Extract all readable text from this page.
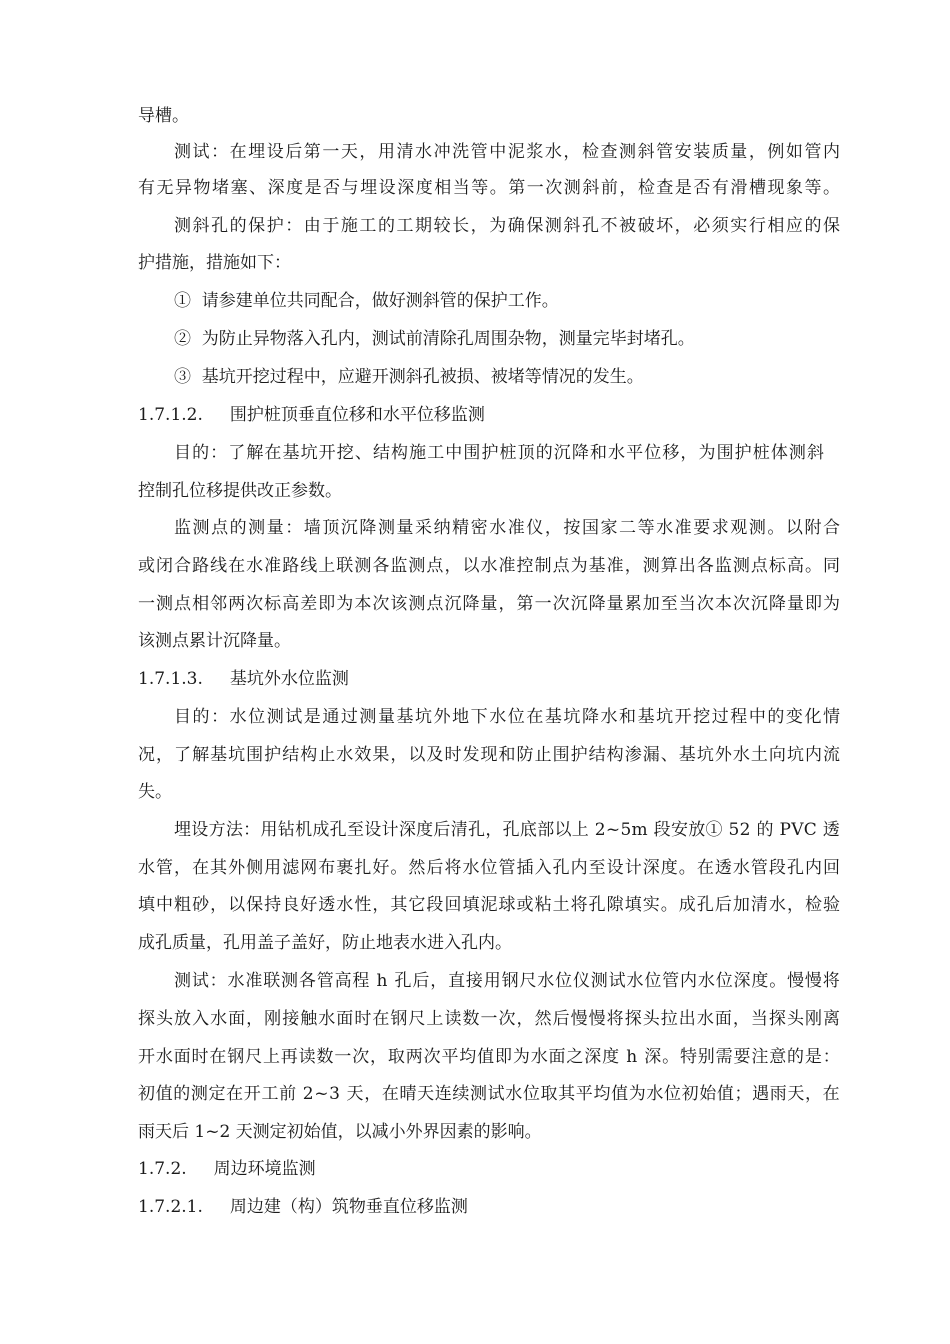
导槽。
测试：在埋设后第一天，用清水冲洗管中泥浆水，检查测斜管安装质量，例如管内
有无异物堵塞、深度是否与埋设深度相当等。第一次测斜前，检查是否有滑槽现象等。
测斜孔的保护：由于施工的工期较长，为确保测斜孔不被破坏，必须实行相应的保
护措施，措施如下：
①  请参建单位共同配合，做好测斜管的保护工作。
②  为防止异物落入孔内，测试前清除孔周围杂物，测量完毕封堵孔。
③  基坑开挖过程中，应避开测斜孔被损、被堵等情况的发生。
1.7.1.2.     围护桩顶垂直位移和水平位移监测
目的：了解在基坑开挖、结构施工中围护桩顶的沉降和水平位移，为围护桩体测斜
控制孔位移提供改正参数。
监测点的测量：墙顶沉降测量采纳精密水准仪，按国家二等水准要求观测。以附合
或闭合路线在水准路线上联测各监测点，以水准控制点为基准，测算出各监测点标高。同
一测点相邻两次标高差即为本次该测点沉降量，第一次沉降量累加至当次本次沉降量即为
该测点累计沉降量。
1.7.1.3.     基坑外水位监测
目的：水位测试是通过测量基坑外地下水位在基坑降水和基坑开挖过程中的变化情
况，了解基坑围护结构止水效果，以及时发现和防止围护结构渗漏、基坑外水土向坑内流
失。
埋设方法：用钻机成孔至设计深度后清孔，孔底部以上 2~5m 段安放① 52 的 PVC 透
水管，在其外侧用滤网布裹扎好。然后将水位管插入孔内至设计深度。在透水管段孔内回
填中粗砂，以保持良好透水性，其它段回填泥球或粘土将孔隙填实。成孔后加清水，检验
成孔质量，孔用盖子盖好，防止地表水进入孔内。
测试：水准联测各管高程 h 孔后，直接用钢尺水位仪测试水位管内水位深度。慢慢将
探头放入水面，刚接触水面时在钢尺上读数一次，然后慢慢将探头拉出水面，当探头刚离
开水面时在钢尺上再读数一次，取两次平均值即为水面之深度 h 深。特别需要注意的是：
初值的测定在开工前 2~3 天，在晴天连续测试水位取其平均值为水位初始值；遇雨天，在
雨天后 1~2 天测定初始值，以减小外界因素的影响。
1.7.2.     周边环境监测
1.7.2.1.     周边建（构）筑物垂直位移监测
